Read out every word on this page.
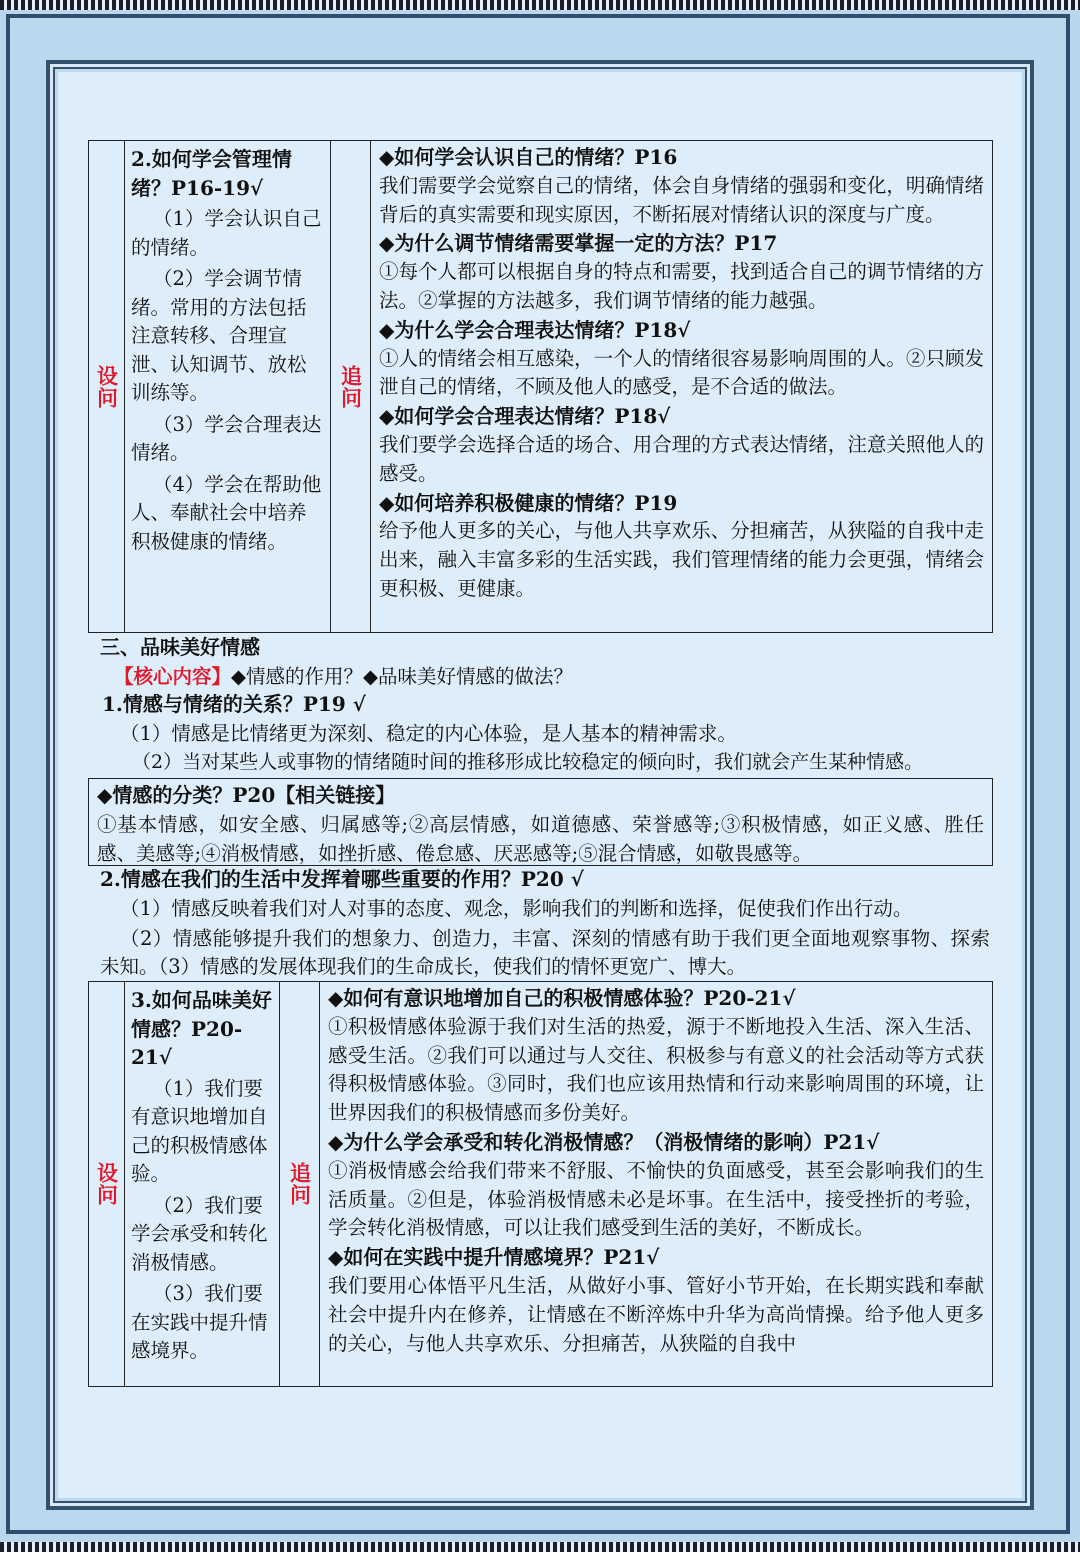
设问
2.如何学会管理情绪？P16-19√
（1）学会认识自己的情绪。
（2）学会调节情绪。常用的方法包括注意转移、合理宣泄、认知调节、放松训练等。
（3）学会合理表达情绪。
（4）学会在帮助他人、奉献社会中培养积极健康的情绪。
追问
◆如何学会认识自己的情绪？P16
我们需要学会觉察自己的情绪，体会自身情绪的强弱和变化，明确情绪背后的真实需要和现实原因，不断拓展对情绪认识的深度与广度。
◆为什么调节情绪需要掌握一定的方法？P17
①每个人都可以根据自身的特点和需要，找到适合自己的调节情绪的方法。②掌握的方法越多，我们调节情绪的能力越强。
◆为什么学会合理表达情绪？P18√
①人的情绪会相互感染，一个人的情绪很容易影响周围的人。②只顾发泄自己的情绪，不顾及他人的感受，是不合适的做法。
◆如何学会合理表达情绪？P18√
我们要学会选择合适的场合、用合理的方式表达情绪，注意关照他人的感受。
◆如何培养积极健康的情绪？P19
给予他人更多的关心，与他人共享欢乐、分担痛苦，从狭隘的自我中走出来，融入丰富多彩的生活实践，我们管理情绪的能力会更强，情绪会更积极、更健康。
三、品味美好情感
【核心内容】◆情感的作用？◆品味美好情感的做法？
1.情感与情绪的关系？P19 √
（1）情感是比情绪更为深刻、稳定的内心体验，是人基本的精神需求。
（2）当对某些人或事物的情绪随时间的推移形成比较稳定的倾向时，我们就会产生某种情感。
◆情感的分类？P20【相关链接】
①基本情感，如安全感、归属感等;②高层情感，如道德感、荣誉感等;③积极情感，如正义感、胜任感、美感等;④消极情感，如挫折感、倦怠感、厌恶感等;⑤混合情感，如敬畏感等。
2.情感在我们的生活中发挥着哪些重要的作用？P20 √
（1）情感反映着我们对人对事的态度、观念，影响我们的判断和选择，促使我们作出行动。
（2）情感能够提升我们的想象力、创造力，丰富、深刻的情感有助于我们更全面地观察事物、探索未知。（3）情感的发展体现我们的生命成长，使我们的情怀更宽广、博大。
设问
3.如何品味美好情感？P20-21√
（1）我们要有意识地增加自己的积极情感体验。
（2）我们要学会承受和转化消极情感。
（3）我们要在实践中提升情感境界。
追问
◆如何有意识地增加自己的积极情感体验？P20-21√
①积极情感体验源于我们对生活的热爱，源于不断地投入生活、深入生活、感受生活。②我们可以通过与人交往、积极参与有意义的社会活动等方式获得积极情感体验。③同时，我们也应该用热情和行动来影响周围的环境，让世界因我们的积极情感而多份美好。
◆为什么学会承受和转化消极情感？（消极情绪的影响）P21√
①消极情感会给我们带来不舒服、不愉快的负面感受，甚至会影响我们的生活质量。②但是，体验消极情感未必是坏事。在生活中，接受挫折的考验，学会转化消极情感，可以让我们感受到生活的美好，不断成长。
◆如何在实践中提升情感境界？P21√
我们要用心体悟平凡生活，从做好小事、管好小节开始，在长期实践和奉献社会中提升内在修养，让情感在不断淬炼中升华为高尚情操。给予他人更多的关心，与他人共享欢乐、分担痛苦，从狭隘的自我中
